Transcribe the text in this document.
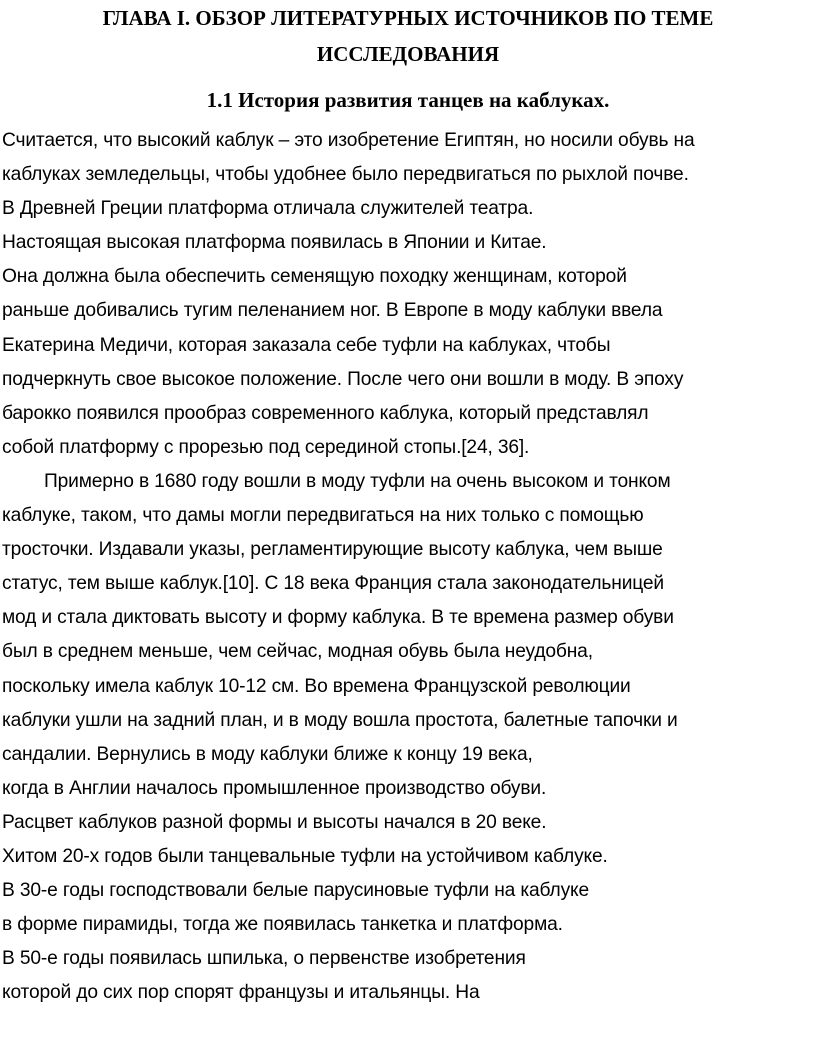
ГЛАВА I. ОБЗОР ЛИТЕРАТУРНЫХ ИСТОЧНИКОВ ПО ТЕМЕ
ИССЛЕДОВАНИЯ
1.1 История развития танцев на каблуках.
Считается, что высокий каблук – это изобретение Египтян, но носили обувь на
каблуках земледельцы, чтобы удобнее было передвигаться по рыхлой почве.
В Древней Греции платформа отличала служителей театра.
Настоящая высокая платформа появилась в Японии и Китае.
Она должна была обеспечить семенящую походку женщинам, которой
раньше добивались тугим пеленанием ног. В Европе в моду каблуки ввела
Екатерина Медичи, которая заказала себе туфли на каблуках, чтобы
подчеркнуть свое высокое положение. После чего они вошли в моду. В эпоху
барокко появился прообраз современного каблука, который представлял
собой платформу с прорезью под серединой стопы.[24, 36].
Примерно в 1680 году вошли в моду туфли на очень высоком и тонком
каблуке, таком, что дамы могли передвигаться на них только с помощью
тросточки. Издавали указы, регламентирующие высоту каблука, чем выше
статус, тем выше каблук.[10]. С 18 века Франция стала законодательницей
мод и стала диктовать высоту и форму каблука. В те времена размер обуви
был в среднем меньше, чем сейчас, модная обувь была неудобна,
поскольку имела каблук 10-12 см. Во времена Французской революции
каблуки ушли на задний план, и в моду вошла простота, балетные тапочки и
сандалии. Вернулись в моду каблуки ближе к концу 19 века,
когда в Англии началось промышленное производство обуви.
Расцвет каблуков разной формы и высоты начался в 20 веке.
Хитом 20-х годов были танцевальные туфли на устойчивом каблуке.
В 30-е годы господствовали белые парусиновые туфли на каблуке
в форме пирамиды, тогда же появилась танкетка и платформа.
В 50-е годы появилась шпилька, о первенстве изобретения
которой до сих пор спорят французы и итальянцы. На
